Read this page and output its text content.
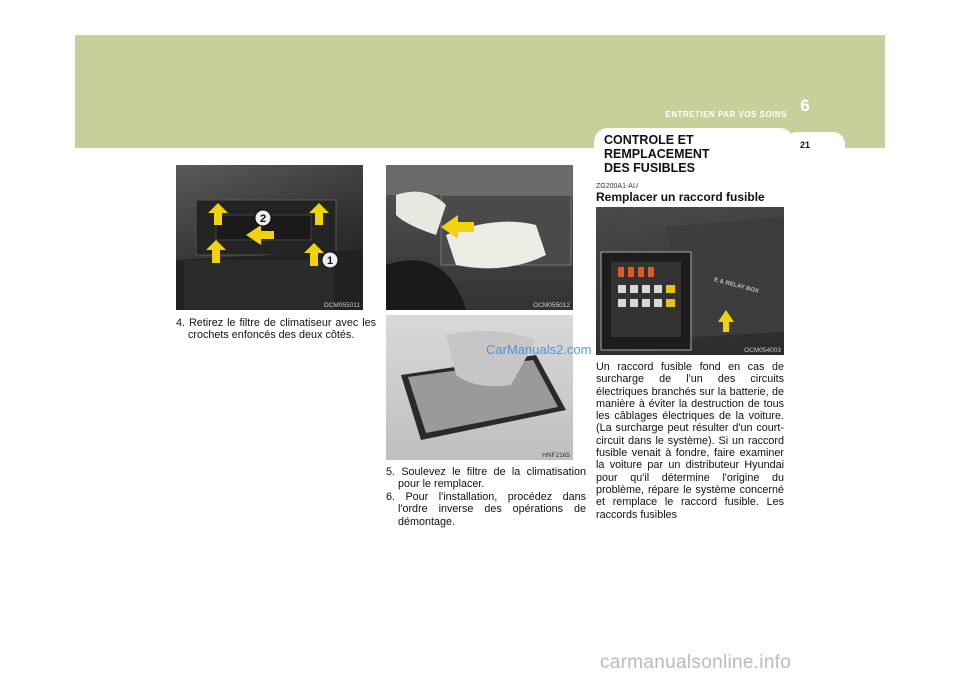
ENTRETIEN PAR VOS SOINS 6
21
CONTROLE ET
REMPLACEMENT
DES FUSIBLES
2
1
OCM055011	OCM055012
HNF2165
E & RELAY BOX
OCM054003
4. Retirez le filtre de climatiseur avec les crochets enfoncés des deux côtés.
5. Soulevez le filtre de la climatisation pour le remplacer.
6. Pour l'installation, procédez dans l'ordre inverse des opérations de démontage.
ZG200A1-AU
Remplacer un raccord fusible
Un raccord fusible fond en cas de surcharge de l'un des circuits électriques branchés sur la batterie, de manière à éviter la destruction de tous les câblages électriques de la voiture. (La surcharge peut résulter d'un court-circuit dans le système). Si un raccord fusible venait à fondre, faire examiner la voiture par un distributeur Hyundai pour qu'il détermine l'origine du problème, répare le système concerné et remplace le raccord fusible. Les raccords fusibles
CarManuals2.com
carmanualsonline.info
